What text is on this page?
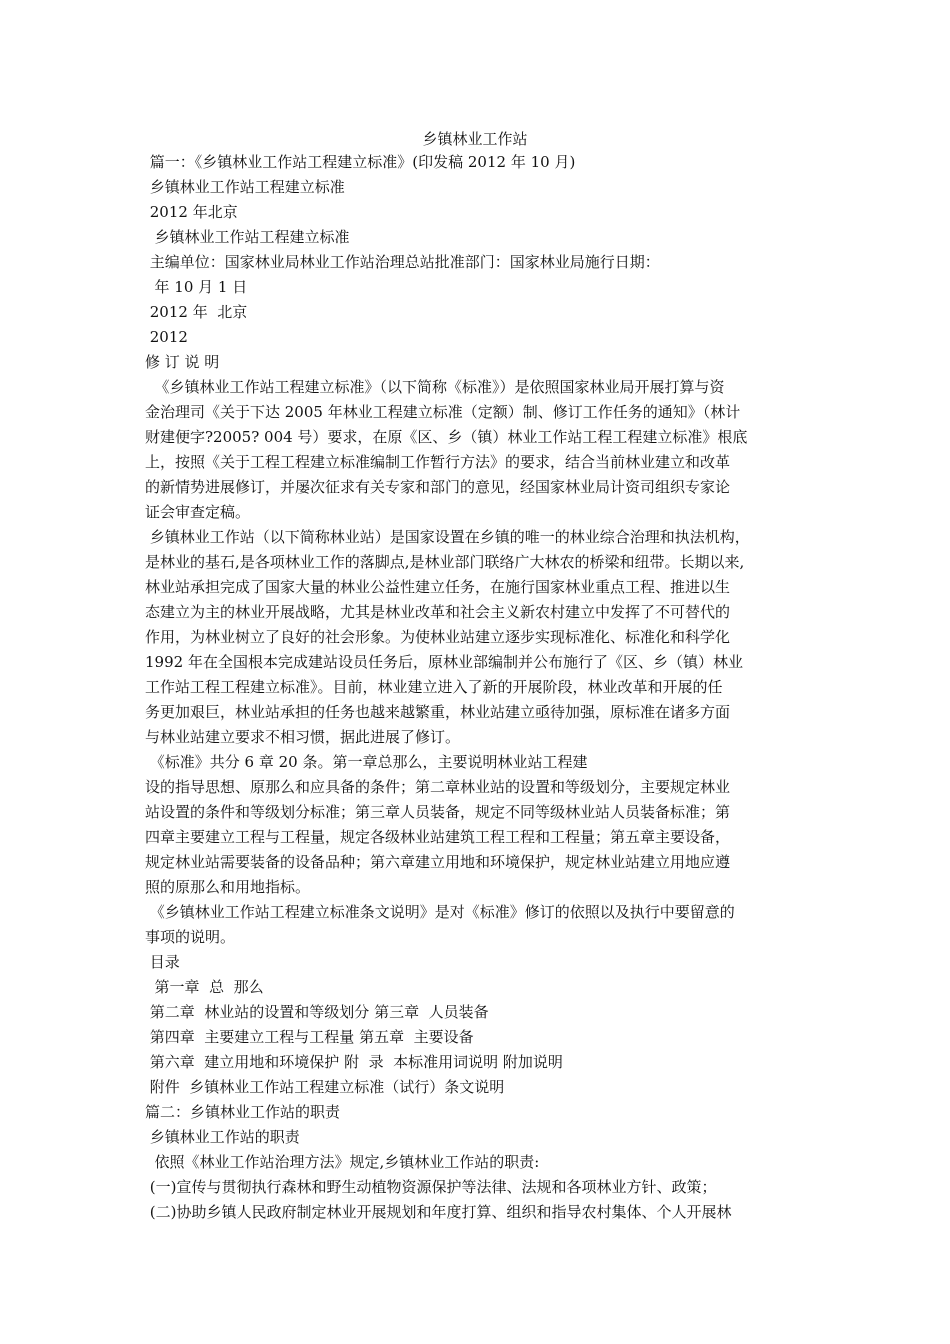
乡镇林业工作站
篇一：《乡镇林业工作站工程建立标准》(印发稿 2012 年 10 月)
乡镇林业工作站工程建立标准
2012 年北京
乡镇林业工作站工程建立标准
主编单位：国家林业局林业工作站治理总站批准部门：国家林业局施行日期：
年 10 月 1 日
2012 年  北京
2012
修 订 说 明
《乡镇林业工作站工程建立标准》（以下简称《标准》）是依照国家林业局开展打算与资
金治理司《关于下达 2005 年林业工程建立标准（定额）制、修订工作任务的通知》（林计
财建便字?2005? 004 号）要求，在原《区、乡（镇）林业工作站工程工程建立标准》根底
上，按照《关于工程工程建立标准编制工作暂行方法》的要求，结合当前林业建立和改革
的新情势进展修订，并屡次征求有关专家和部门的意见，经国家林业局计资司组织专家论
证会审查定稿。
乡镇林业工作站（以下简称林业站）是国家设置在乡镇的唯一的林业综合治理和执法机构，
是林业的基石,是各项林业工作的落脚点,是林业部门联络广大林农的桥梁和纽带。长期以来,
林业站承担完成了国家大量的林业公益性建立任务，在施行国家林业重点工程、推进以生
态建立为主的林业开展战略，尤其是林业改革和社会主义新农村建立中发挥了不可替代的
作用，为林业树立了良好的社会形象。为使林业站建立逐步实现标准化、标准化和科学化
1992 年在全国根本完成建站设员任务后，原林业部编制并公布施行了《区、乡（镇）林业
工作站工程工程建立标准》。目前，林业建立进入了新的开展阶段，林业改革和开展的任
务更加艰巨，林业站承担的任务也越来越繁重，林业站建立亟待加强，原标准在诸多方面
与林业站建立要求不相习惯，据此进展了修订。
《标准》共分 6 章 20 条。第一章总那么，主要说明林业站工程建
设的指导思想、原那么和应具备的条件；第二章林业站的设置和等级划分，主要规定林业
站设置的条件和等级划分标准；第三章人员装备，规定不同等级林业站人员装备标准；第
四章主要建立工程与工程量，规定各级林业站建筑工程工程和工程量；第五章主要设备，
规定林业站需要装备的设备品种；第六章建立用地和环境保护，规定林业站建立用地应遵
照的原那么和用地指标。
《乡镇林业工作站工程建立标准条文说明》是对《标准》修订的依照以及执行中要留意的
事项的说明。
目录
第一章  总  那么
第二章  林业站的设置和等级划分 第三章  人员装备
第四章  主要建立工程与工程量 第五章  主要设备
第六章  建立用地和环境保护 附  录  本标准用词说明 附加说明
附件  乡镇林业工作站工程建立标准（试行）条文说明
篇二：乡镇林业工作站的职责
乡镇林业工作站的职责
依照《林业工作站治理方法》规定,乡镇林业工作站的职责:
(一)宣传与贯彻执行森林和野生动植物资源保护等法律、法规和各项林业方针、政策；
(二)协助乡镇人民政府制定林业开展规划和年度打算、组织和指导农村集体、个人开展林
